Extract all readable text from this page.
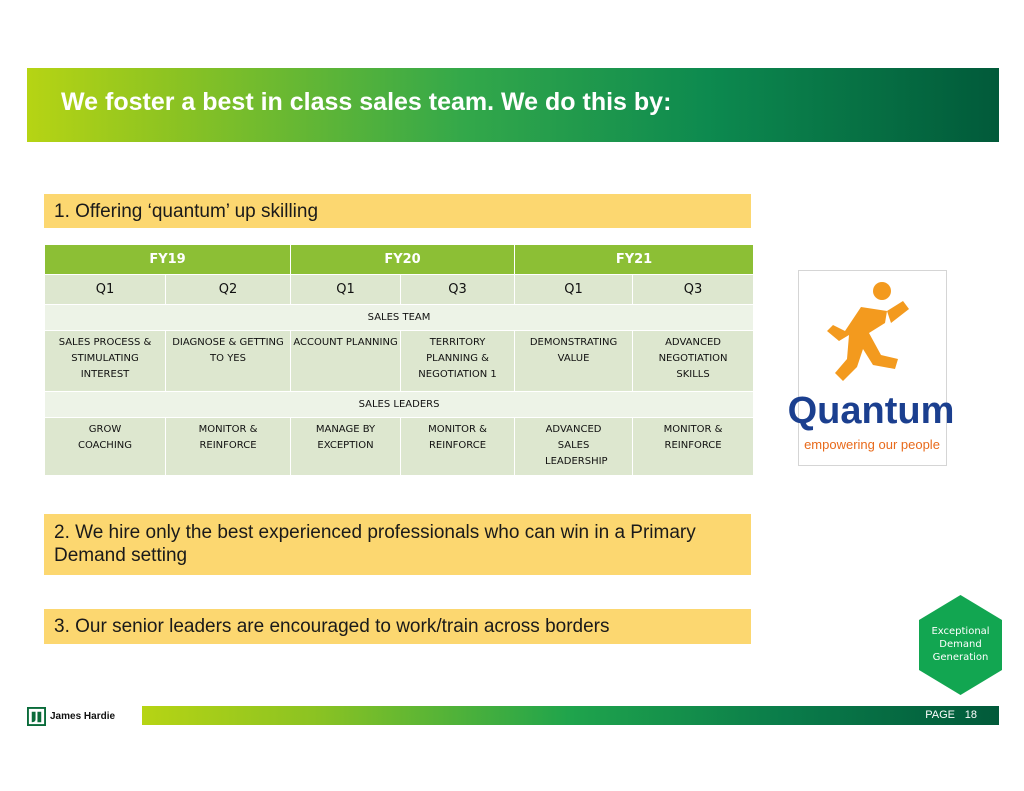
We foster a best in class sales team. We do this by:
1. Offering ‘quantum’ up skilling
FY19		FY20		FY21	
Q1	Q2	Q1	Q3	Q1	Q3
SALES TEAM					

SALES PROCESS & STIMULATING INTEREST	DIAGNOSE & GETTING TO YES	ACCOUNT PLANNING	TERRITORY PLANNING & NEGOTIATION 1	DEMONSTRATING VALUE	ADVANCED NEGOTIATION SKILLS

SALES LEADERS					

GROW COACHING	MONITOR & REINFORCE	MANAGE BY EXCEPTION	MONITOR & REINFORCE	ADVANCED SALES LEADERSHIP	MONITOR & REINFORCE
Quantum
empowering our people
2. We hire only the best experienced professionals who can win in a Primary Demand setting
3. Our senior leaders are encouraged to work/train across borders	Exceptional
Demand
Generation
James Hardie	PAGE 18
